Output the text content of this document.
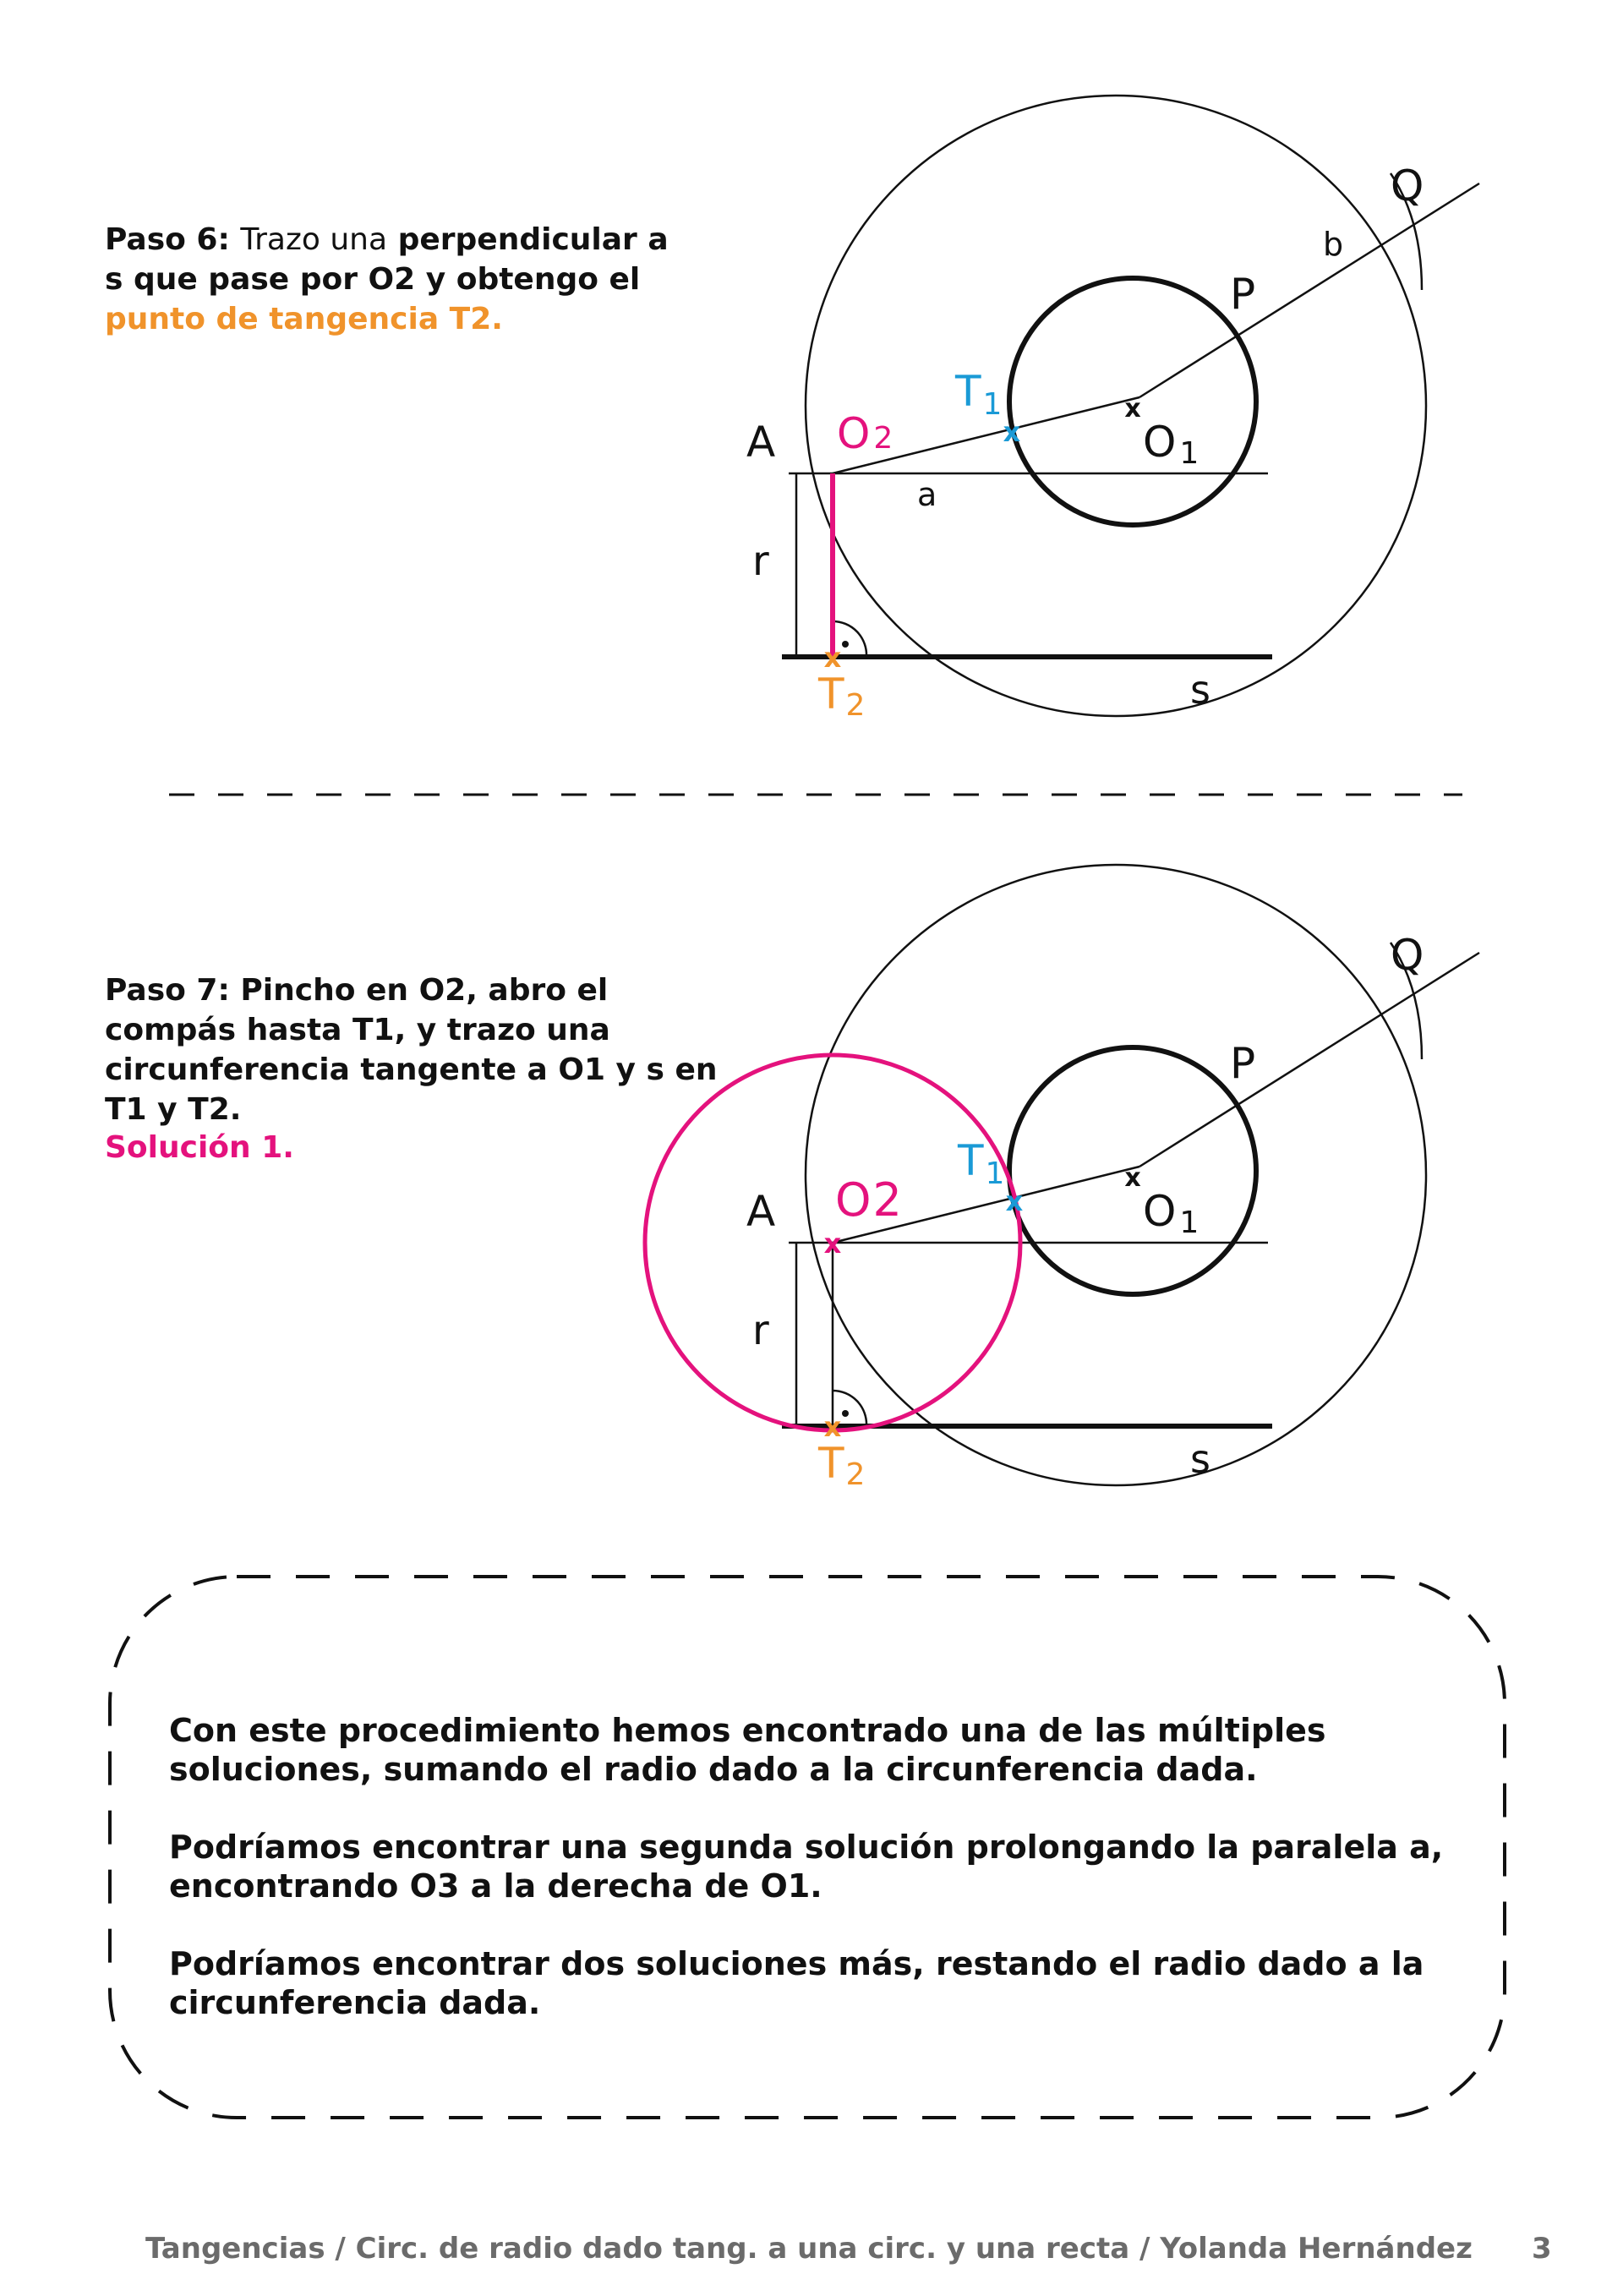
Paso 6: Trazo una perpendicular a s que pase por O2 y obtengo el punto de tangencia T2.

x
x
x
A O 2
$T_1$
O 1
P
Q
b
a
r
s
T2

Paso 7: Pincho en O2, abro el compás hasta T1, y trazo una circunferencia tangente a O1 y s en T1 y T2.

Solución 1.

x
x
x
x
A O2
$T_1$
O 1
P
Q
r
s
T2

Con este procedimiento hemos encontrado una de las múltiples soluciones, sumando el radio dado a la circunferencia dada.

Podríamos encontrar una segunda solución prolongando la paralela a, encontrando O3 a la derecha de O1.

Podríamos encontrar dos soluciones más, restando el radio dado a la circunferencia dada.

Tangencias / Circ. de radio dado tang. a una circ. y una recta / Yolanda Hernández	3
